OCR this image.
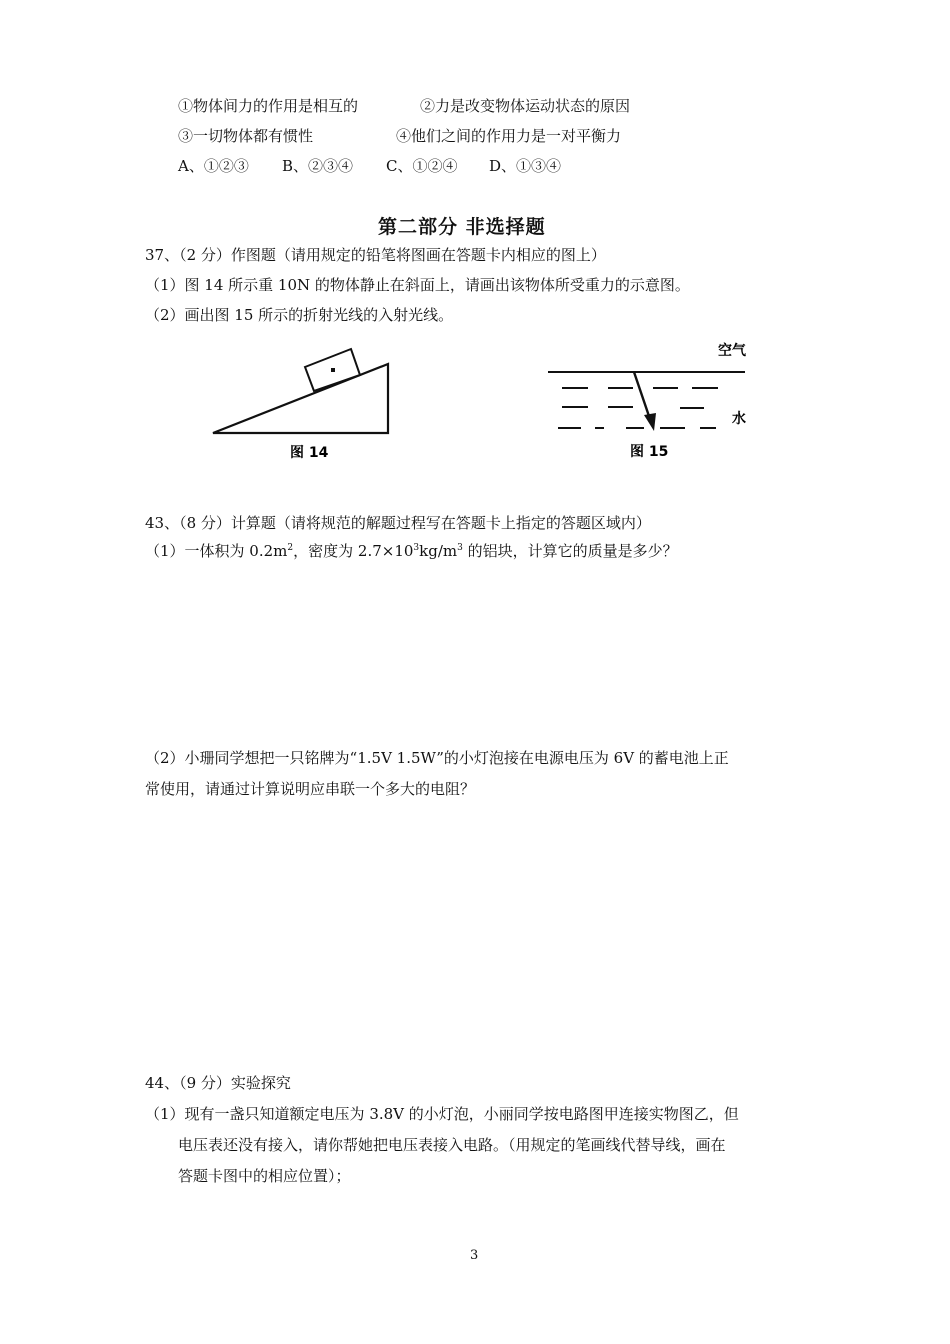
①物体间力的作用是相互的	②力是改变物体运动状态的原因
③一切物体都有惯性	④他们之间的作用力是一对平衡力
A、①②③ B、②③④ C、①②④ D、①③④
第二部分 非选择题
37、（2 分）作图题（请用规定的铅笔将图画在答题卡内相应的图上）
（1）图 14 所示重 10N 的物体静止在斜面上，请画出该物体所受重力的示意图。
（2）画出图 15 所示的折射光线的入射光线。
图 14
空气
水
图 15
43、（8 分）计算题（请将规范的解题过程写在答题卡上指定的答题区域内）
（1）一体积为 $0.2m^2$，密度为 $2.7\times 10^3kg/m^3$ 的铝块，计算它的质量是多少？
（2）小珊同学想把一只铭牌为“1.5V 1.5W”的小灯泡接在电源电压为 6V 的蓄电池上正
常使用，请通过计算说明应串联一个多大的电阻？
44、（9 分）实验探究
（1）现有一盏只知道额定电压为 3.8V 的小灯泡，小丽同学按电路图甲连接实物图乙，但
电压表还没有接入，请你帮她把电压表接入电路。（用规定的笔画线代替导线，画在
答题卡图中的相应位置）；
3
